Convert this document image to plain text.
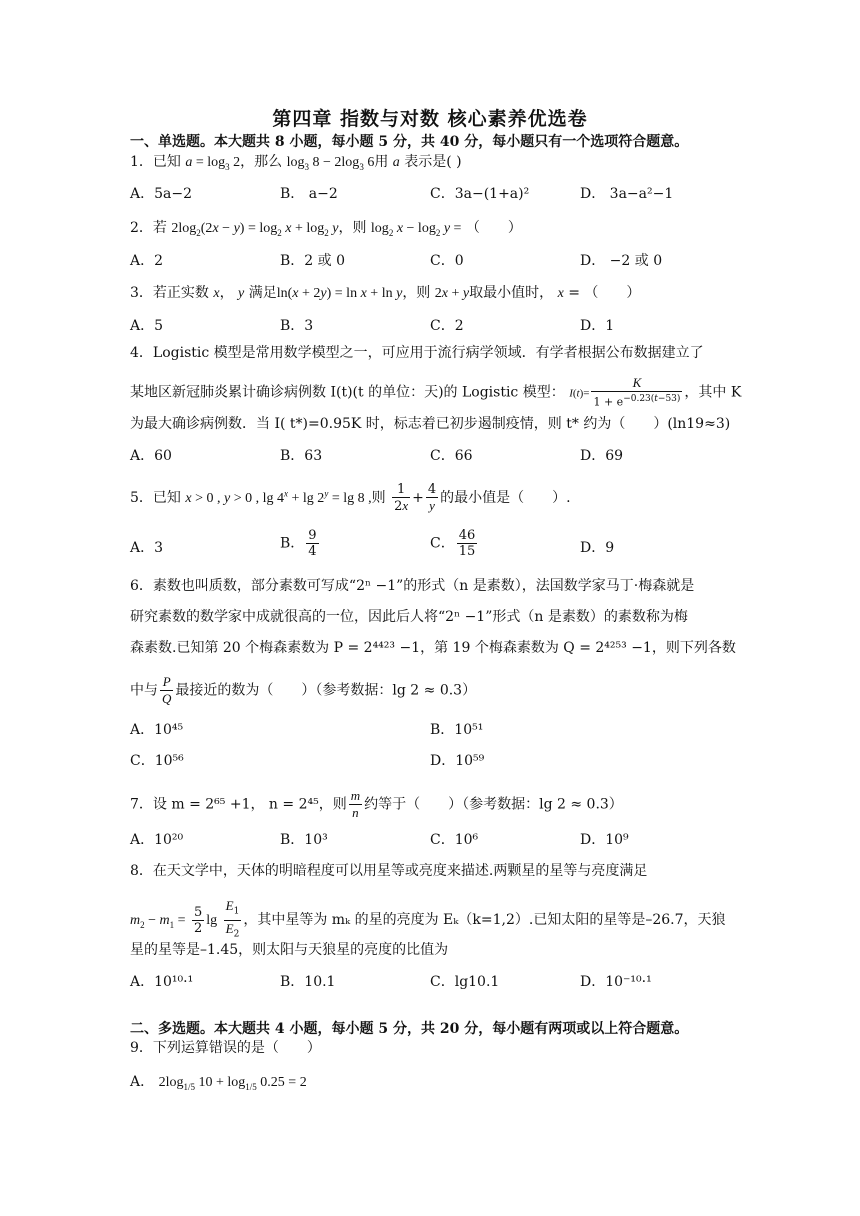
第四章 指数与对数 核心素养优选卷
一、单选题。本大题共 8 小题，每小题 5 分，共 40 分，每小题只有一个选项符合题意。
1．已知 $a = \log_3 2$，那么 $\log_3 8 - 2\log_3$ 6用 a 表示是( )
A．5a−2	B． a−2	C．3a−(1+a)²	D． 3a−a²−1
2．若 $2\log_2(2x - y) = \log_2 x + \log_2 y$，则 $\log_2 x - \log_2 y$ = （　　）
A．2	B．2 或 0	C．0	D． −2 或 0
3．若正实数 x， y 满足ln(x + 2y) = ln x + ln y，则 2x + y取最小值时， x = （　　）
A．5	B．3	C．2	D．1
4．Logistic 模型是常用数学模型之一，可应用于流行病学领域．有学者根据公布数据建立了
某地区新冠肺炎累计确诊病例数 I(t)(t 的单位：天)的 Logistic 模型： $I(t)= \frac{K}{1 + e^{-0.23(t-53)}}$ ，其中 K
为最大确诊病例数．当 I( t*)=0.95K 时，标志着已初步遏制疫情，则 t* 约为（　　）(ln19≈3)
A．60	B．63	C．66	D．69
5．已知 x > 0 , y > 0 , $\lg 4^x + \lg 2^y = \lg 8$ ,则 $\frac{1}{2x} + \frac{4}{y}$ 的最小值是（　　）.
A．3	B． $\frac{9}{4}$	C． $\frac{46}{15}$	D．9
6．素数也叫质数，部分素数可写成“2ⁿ −1”的形式（n 是素数），法国数学家马丁·梅森就是
研究素数的数学家中成就很高的一位，因此后人将“2ⁿ −1”形式（n 是素数）的素数称为梅
森素数.已知第 20 个梅森素数为 P = 2⁴⁴²³ −1，第 19 个梅森素数为 Q = 2⁴²⁵³ −1，则下列各数
中与 $\frac{P}{Q}$ 最接近的数为（　　）（参考数据：lg 2 ≈ 0.3）
A．10⁴⁵	B．10⁵¹
C．10⁵⁶	D．10⁵⁹
7．设 m = 2⁶⁵ +1， n = 2⁴⁵，则 $\frac{m}{n}$ 约等于（　　）（参考数据：lg 2 ≈ 0.3）
A．10²⁰	B．10³	C．10⁶	D．10⁹
8．在天文学中，天体的明暗程度可以用星等或亮度来描述.两颗星的星等与亮度满足
$m_2 - m_1 = \frac{5}{2}$ $\lg \frac{E_1}{E_2}$ ，其中星等为 mₖ 的星的亮度为 Eₖ（k=1,2）.已知太阳的星等是–26.7，天狼
星的星等是–1.45，则太阳与天狼星的亮度的比值为
A．10¹⁰·¹	B．10.1	C．lg10.1	D．10⁻¹⁰·¹
二、多选题。本大题共 4 小题，每小题 5 分，共 20 分，每小题有两项或以上符合题意。
9．下列运算错误的是（　　）
A． $2\log_{1/5}$ $10 + \log_{1/5} 0.25 = 2$
